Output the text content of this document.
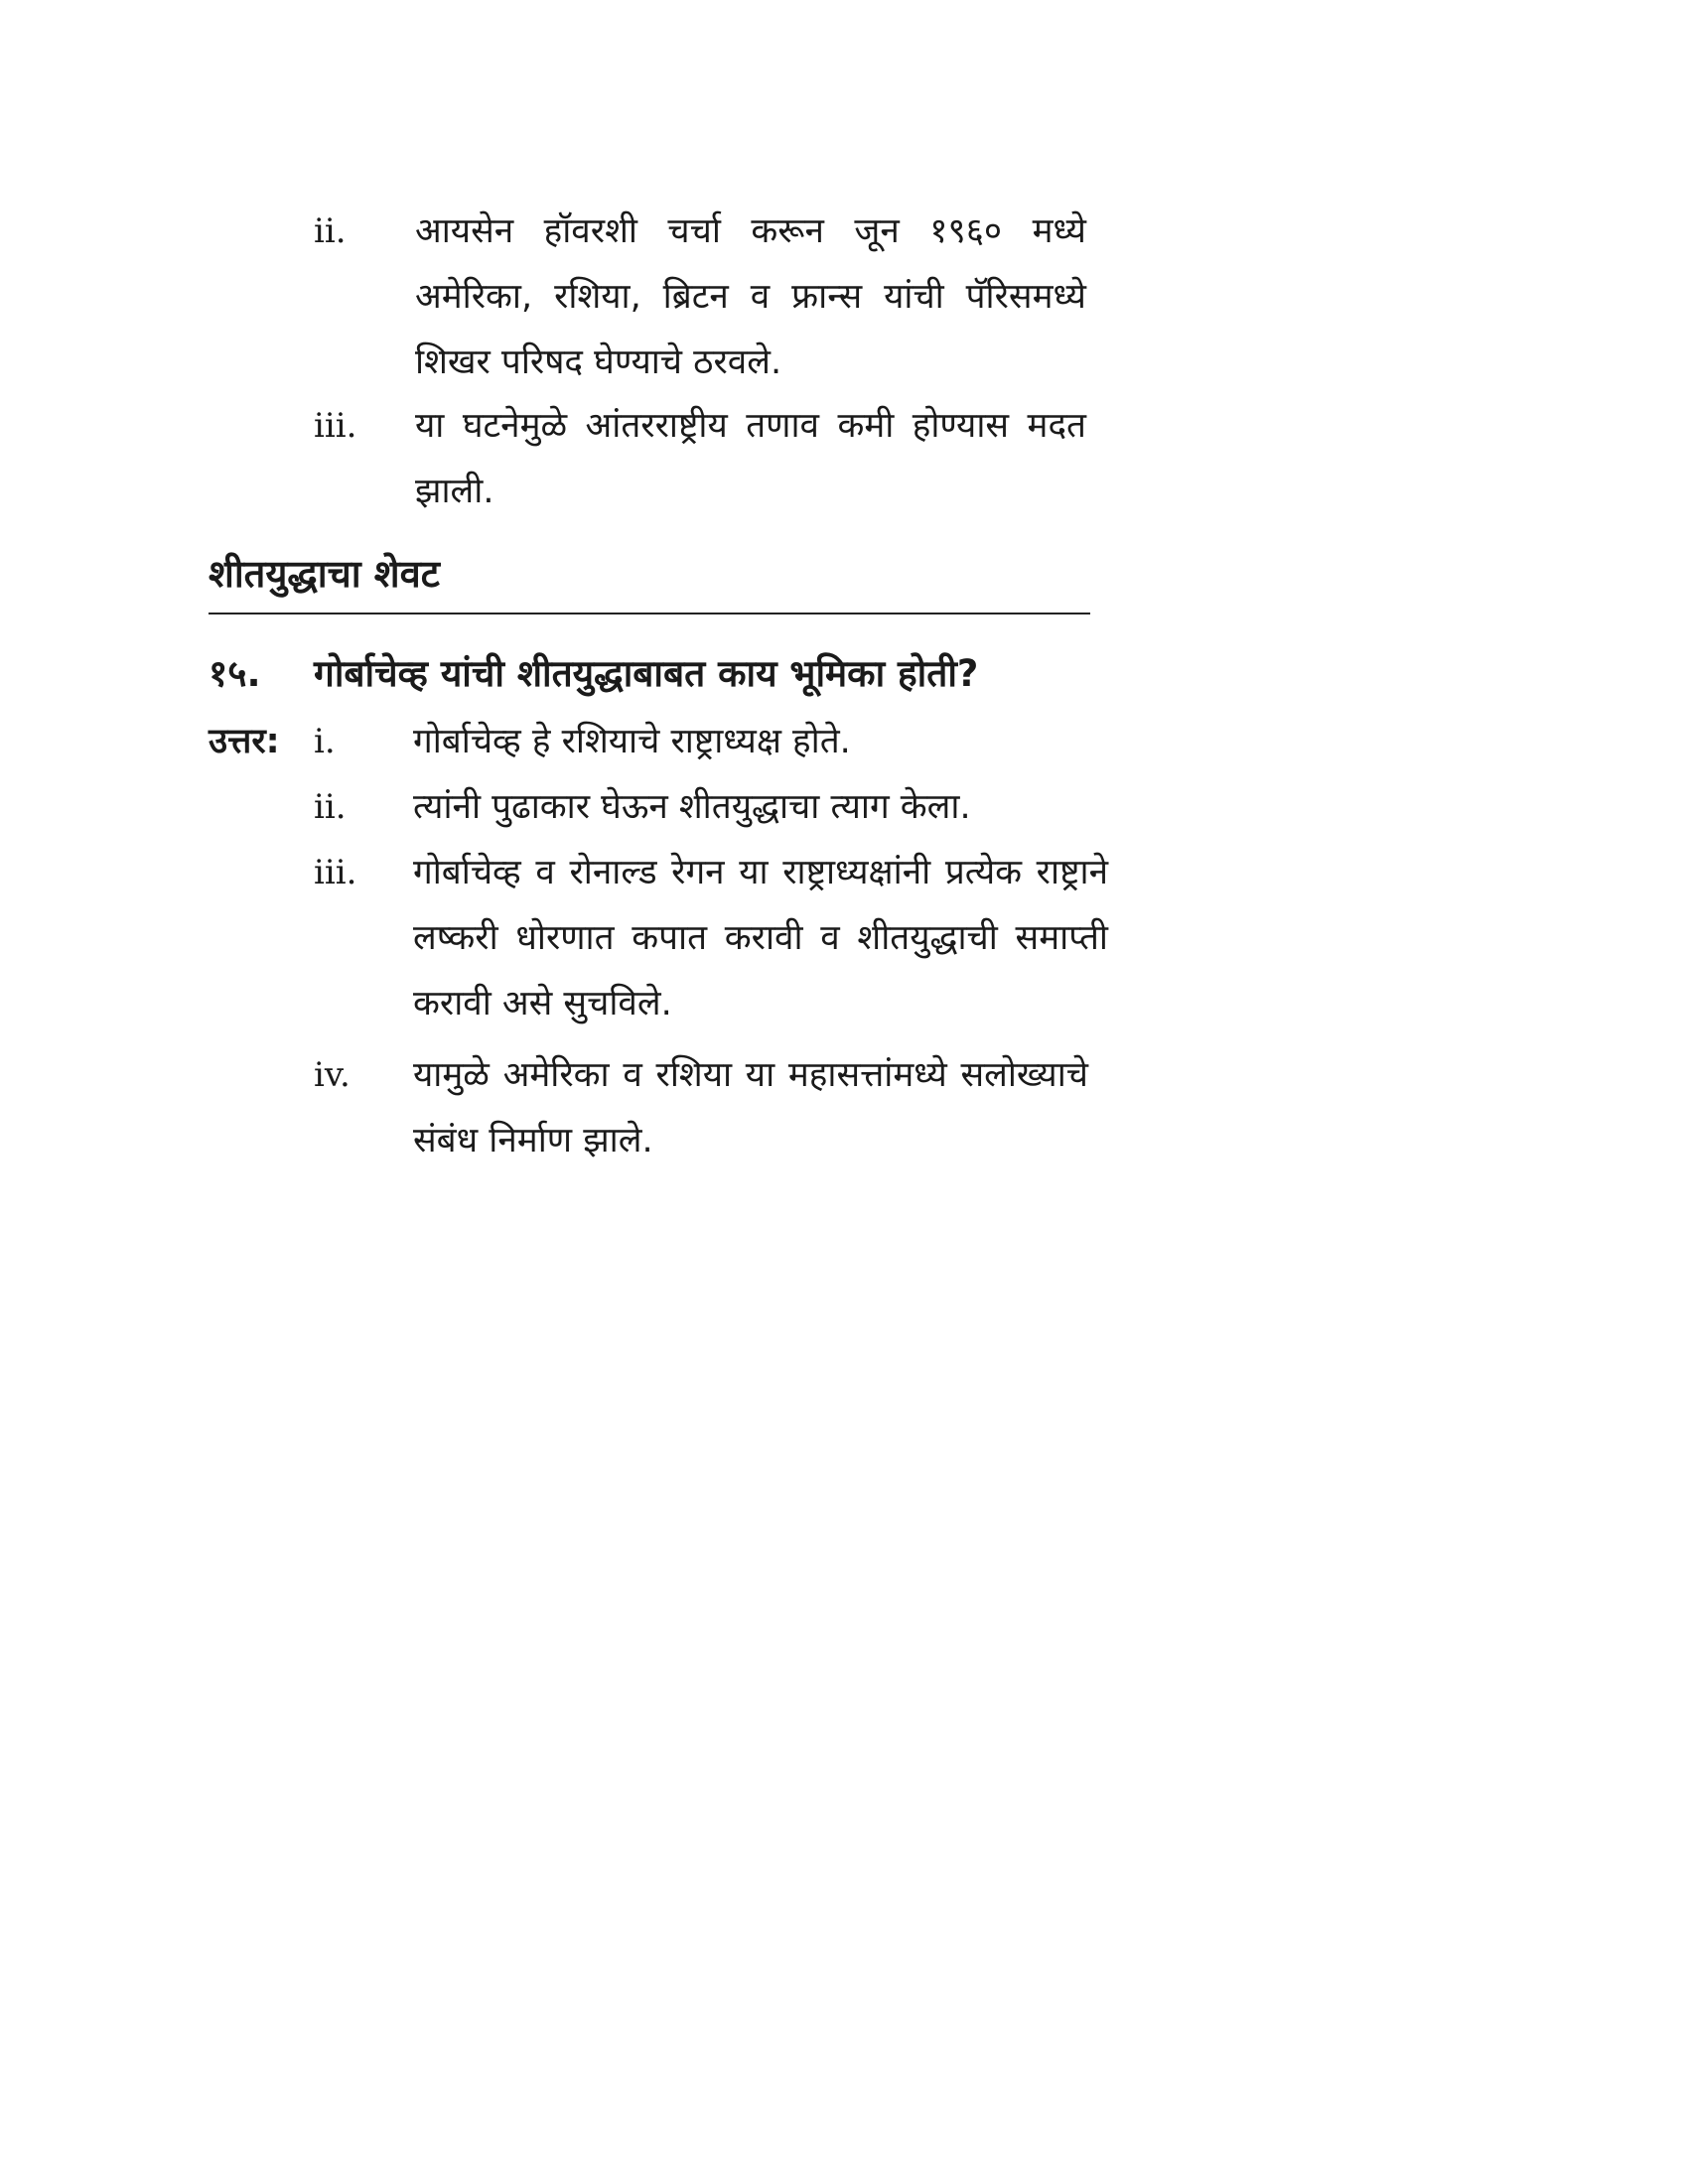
ii. आयसेन हॉवरशी चर्चा करून जून १९६० मध्ये अमेरिका, रशिया, ब्रिटन व फ्रान्स यांची पॅरिसमध्ये शिखर परिषद घेण्याचे ठरवले.
iii. या घटनेमुळे आंतरराष्ट्रीय तणाव कमी होण्यास मदत झाली.
शीतयुद्धाचा शेवट
१५. गोर्बाचेव्ह यांची शीतयुद्धाबाबत काय भूमिका होती?
उत्तर: i. गोर्बाचेव्ह हे रशियाचे राष्ट्राध्यक्ष होते.
ii. त्यांनी पुढाकार घेऊन शीतयुद्धाचा त्याग केला.
iii. गोर्बाचेव्ह व रोनाल्ड रेगन या राष्ट्राध्यक्षांनी प्रत्येक राष्ट्राने लष्करी धोरणात कपात करावी व शीतयुद्धाची समाप्ती करावी असे सुचविले.
iv. यामुळे अमेरिका व रशिया या महासत्तांमध्ये सलोख्याचे संबंध निर्माण झाले.
